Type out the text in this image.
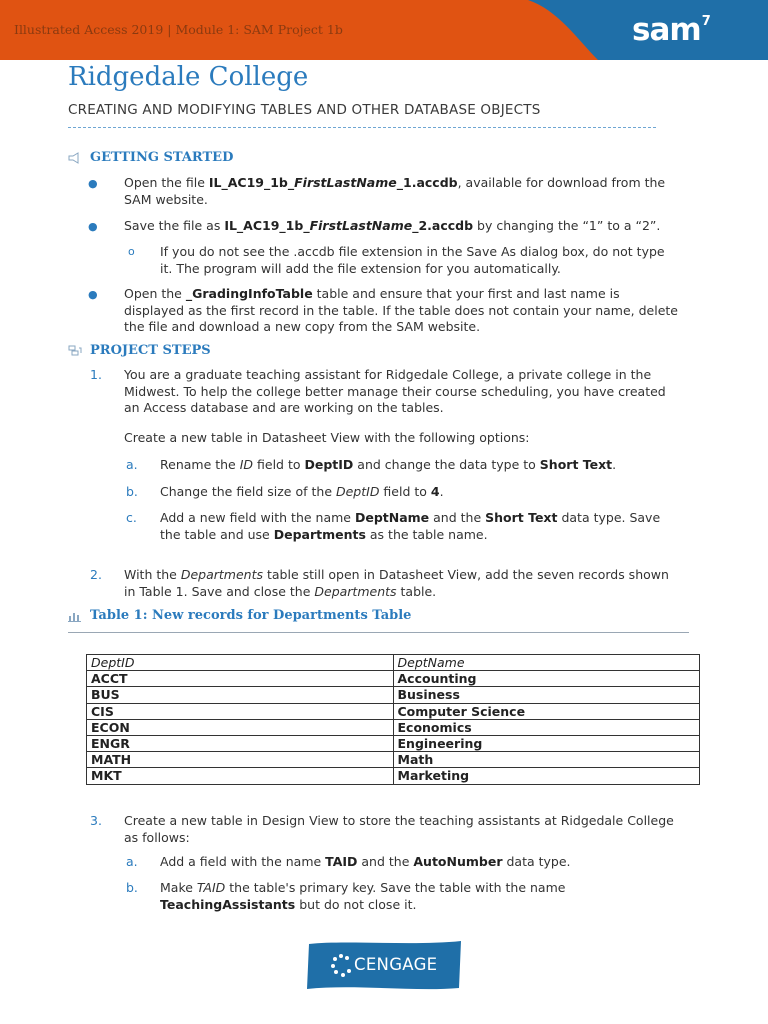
Illustrated Access 2019 | Module 1: SAM Project 1b	sam$^7$
Ridgedale College
CREATING AND MODIFYING TABLES AND OTHER DATABASE OBJECTS
GETTING STARTED
● Open the file IL_AC19_1b_FirstLastName_1.accdb, available for download from the
SAM website.
● Save the file as IL_AC19_1b_FirstLastName_2.accdb by changing the “1” to a “2”.
o If you do not see the .accdb file extension in the Save As dialog box, do not type
it. The program will add the file extension for you automatically.
● Open the _GradingInfoTable table and ensure that your first and last name is
displayed as the first record in the table. If the table does not contain your name, delete
the file and download a new copy from the SAM website.
PROJECT STEPS
1. You are a graduate teaching assistant for Ridgedale College, a private college in the
Midwest. To help the college better manage their course scheduling, you have created
an Access database and are working on the tables.
Create a new table in Datasheet View with the following options:
a. Rename the ID field to DeptID and change the data type to Short Text.
b. Change the field size of the DeptID field to 4.
c. Add a new field with the name DeptName and the Short Text data type. Save
the table and use Departments as the table name.
2. With the Departments table still open in Datasheet View, add the seven records shown
in Table 1. Save and close the Departments table.
Table 1: New records for Departments Table
DeptID	DeptName
ACCT	Accounting
BUS	Business
CIS	Computer Science
ECON	Economics
ENGR	Engineering
MATH	Math
MKT	Marketing
3. Create a new table in Design View to store the teaching assistants at Ridgedale College
as follows:
a. Add a field with the name TAID and the AutoNumber data type.
b. Make TAID the table's primary key. Save the table with the name
TeachingAssistants but do not close it.
CENGAGE
